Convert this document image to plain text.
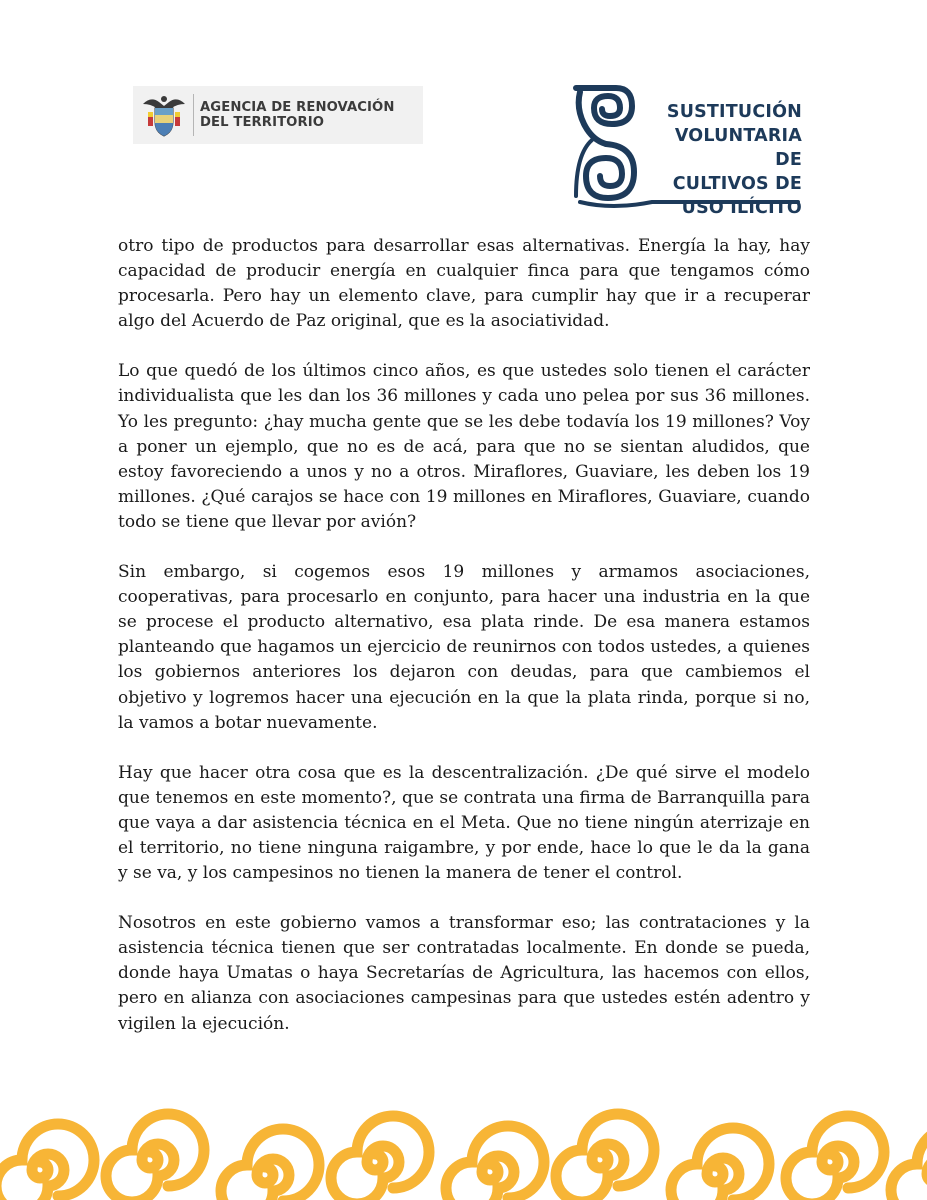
AGENCIA DE RENOVACIÓN
DEL TERRITORIO
SUSTITUCIÓN
VOLUNTARIA DE
CULTIVOS DE
USO ILÍCITO

otro tipo de productos para desarrollar esas alternativas. Energía la hay, hay capacidad de producir energía en cualquier finca para que tengamos cómo procesarla. Pero hay un elemento clave, para cumplir hay que ir a recuperar algo del Acuerdo de Paz original, que es la asociatividad.

Lo que quedó de los últimos cinco años, es que ustedes solo tienen el carácter individualista que les dan los 36 millones y cada uno pelea por sus 36 millones. Yo les pregunto: ¿hay mucha gente que se les debe todavía los 19 millones? Voy a poner un ejemplo, que no es de acá, para que no se sientan aludidos, que estoy favoreciendo a unos y no a otros. Miraflores, Guaviare, les deben los 19 millones. ¿Qué carajos se hace con 19 millones en Miraflores, Guaviare, cuando todo se tiene que llevar por avión?

Sin embargo, si cogemos esos 19 millones y armamos asociaciones, cooperativas, para procesarlo en conjunto, para hacer una industria en la que se procese el producto alternativo, esa plata rinde. De esa manera estamos planteando que hagamos un ejercicio de reunirnos con todos ustedes, a quienes los gobiernos anteriores los dejaron con deudas, para que cambiemos el objetivo y logremos hacer una ejecución en la que la plata rinda, porque si no, la vamos a botar nuevamente.

Hay que hacer otra cosa que es la descentralización. ¿De qué sirve el modelo que tenemos en este momento?, que se contrata una firma de Barranquilla para que vaya a dar asistencia técnica en el Meta. Que no tiene ningún aterrizaje en el territorio, no tiene ninguna raigambre, y por ende, hace lo que le da la gana y se va, y los campesinos no tienen la manera de tener el control.

Nosotros en este gobierno vamos a transformar eso; las contrataciones y la asistencia técnica tienen que ser contratadas localmente. En donde se pueda, donde haya Umatas o haya Secretarías de Agricultura, las hacemos con ellos, pero en alianza con asociaciones campesinas para que ustedes estén adentro y vigilen la ejecución.
